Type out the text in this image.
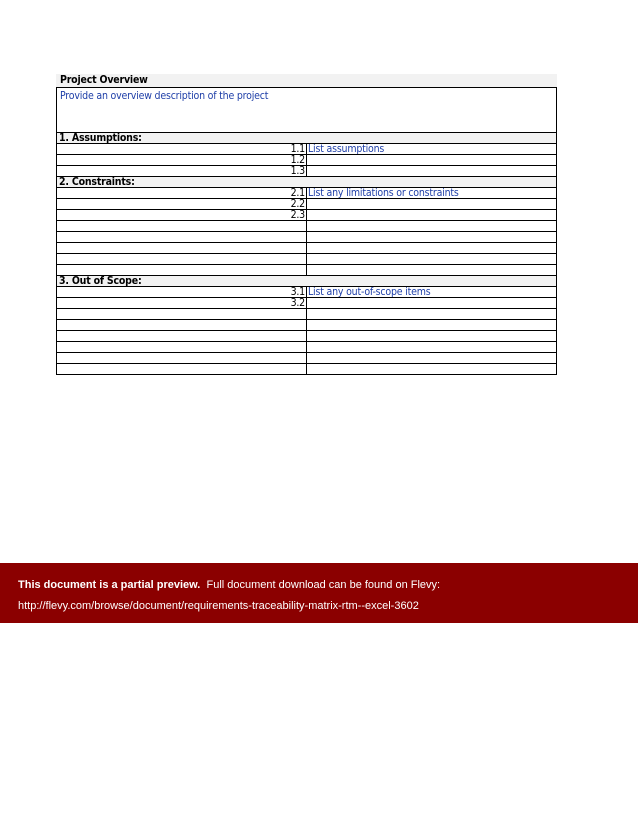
Project Overview
Provide an overview description of the project
1. Assumptions:	
1.1	List assumptions
1.2	
1.3	
2. Constraints:	
2.1	List any limitations or constraints
2.2	
2.3	

3. Out of Scope:	
3.1	List any out-of-scope items
3.2	

This document is a partial preview. Full document download can be found on Flevy:
http://flevy.com/browse/document/requirements-traceability-matrix-rtm--excel-3602
